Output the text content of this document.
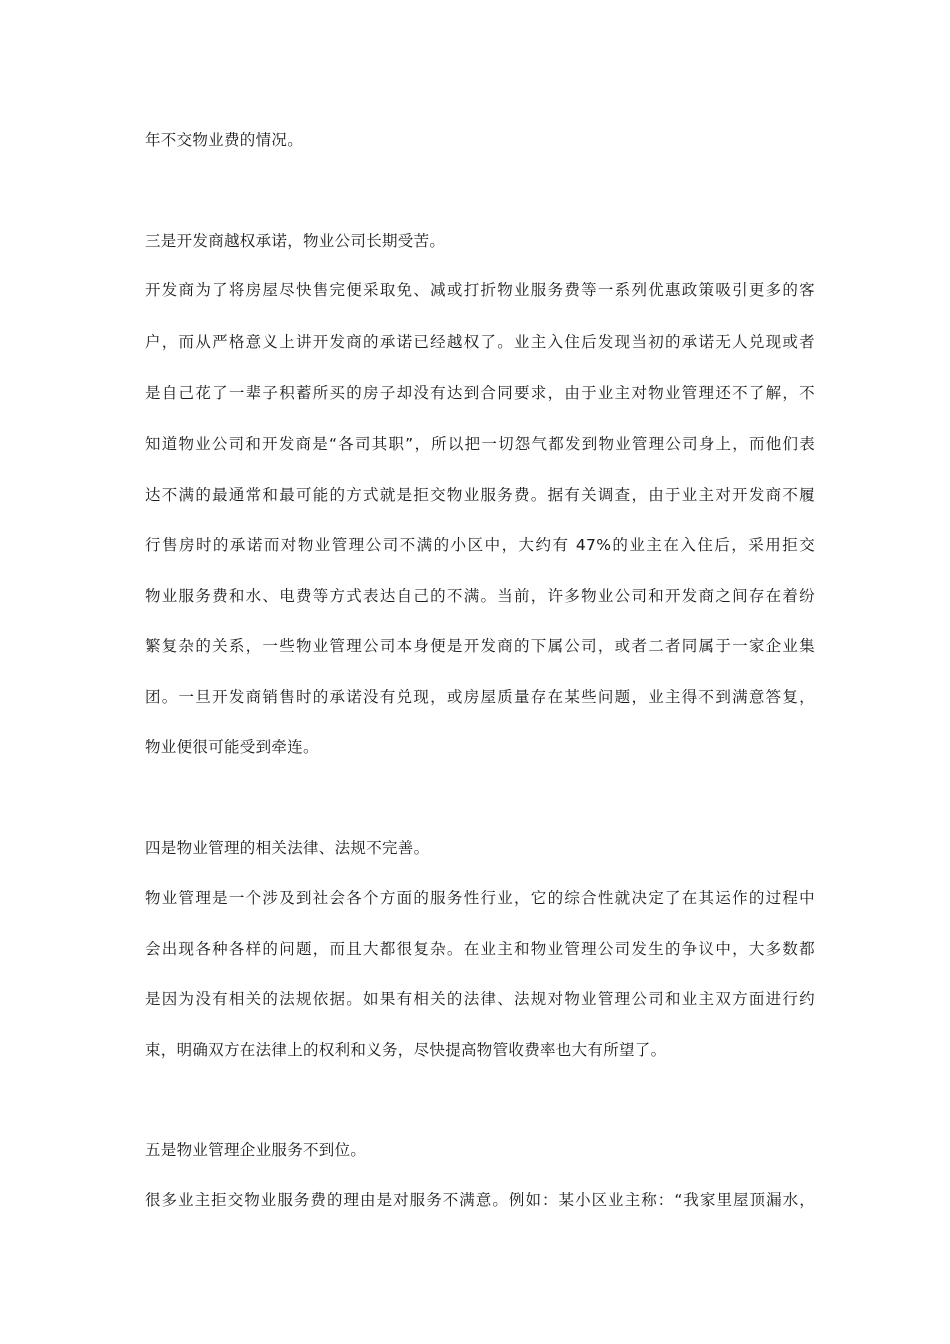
年不交物业费的情况。
三是开发商越权承诺，物业公司长期受苦。
开发商为了将房屋尽快售完便采取免、减或打折物业服务费等一系列优惠政策吸引更多的客
户，而从严格意义上讲开发商的承诺已经越权了。业主入住后发现当初的承诺无人兑现或者
是自己花了一辈子积蓄所买的房子却没有达到合同要求，由于业主对物业管理还不了解，不
知道物业公司和开发商是“各司其职”，所以把一切怨气都发到物业管理公司身上，而他们表
达不满的最通常和最可能的方式就是拒交物业服务费。据有关调查，由于业主对开发商不履
行售房时的承诺而对物业管理公司不满的小区中，大约有 47%的业主在入住后，采用拒交
物业服务费和水、电费等方式表达自己的不满。当前，许多物业公司和开发商之间存在着纷
繁复杂的关系，一些物业管理公司本身便是开发商的下属公司，或者二者同属于一家企业集
团。一旦开发商销售时的承诺没有兑现，或房屋质量存在某些问题，业主得不到满意答复，
物业便很可能受到牵连。
四是物业管理的相关法律、法规不完善。
物业管理是一个涉及到社会各个方面的服务性行业，它的综合性就决定了在其运作的过程中
会出现各种各样的问题，而且大都很复杂。在业主和物业管理公司发生的争议中，大多数都
是因为没有相关的法规依据。如果有相关的法律、法规对物业管理公司和业主双方面进行约
束，明确双方在法律上的权利和义务，尽快提高物管收费率也大有所望了。
五是物业管理企业服务不到位。
很多业主拒交物业服务费的理由是对服务不满意。例如：某小区业主称：“我家里屋顶漏水，
